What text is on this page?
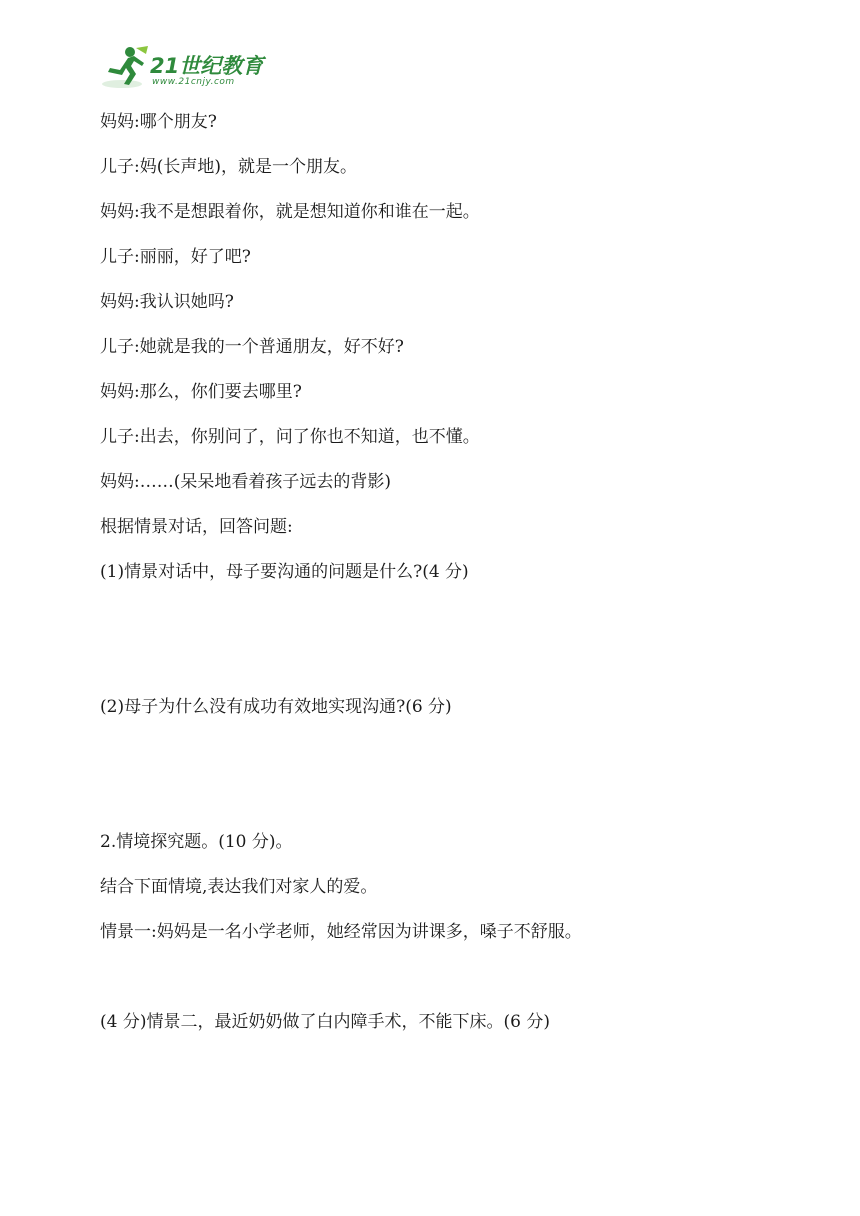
21世纪教育
www.21cnjy.com
妈妈:哪个朋友?
儿子:妈(长声地)，就是一个朋友。
妈妈:我不是想跟着你，就是想知道你和谁在一起。
儿子:丽丽，好了吧?
妈妈:我认识她吗?
儿子:她就是我的一个普通朋友，好不好?
妈妈:那么，你们要去哪里?
儿子:出去，你别问了，问了你也不知道，也不懂。
妈妈:……(呆呆地看着孩子远去的背影)
根据情景对话，回答问题:
(1)情景对话中，母子要沟通的问题是什么?(4 分)
(2)母子为什么没有成功有效地实现沟通?(6 分)
2.情境探究题。(10 分)。
结合下面情境,表达我们对家人的爱。
情景一:妈妈是一名小学老师，她经常因为讲课多，嗓子不舒服。
(4 分)情景二，最近奶奶做了白内障手术，不能下床。(6 分)
